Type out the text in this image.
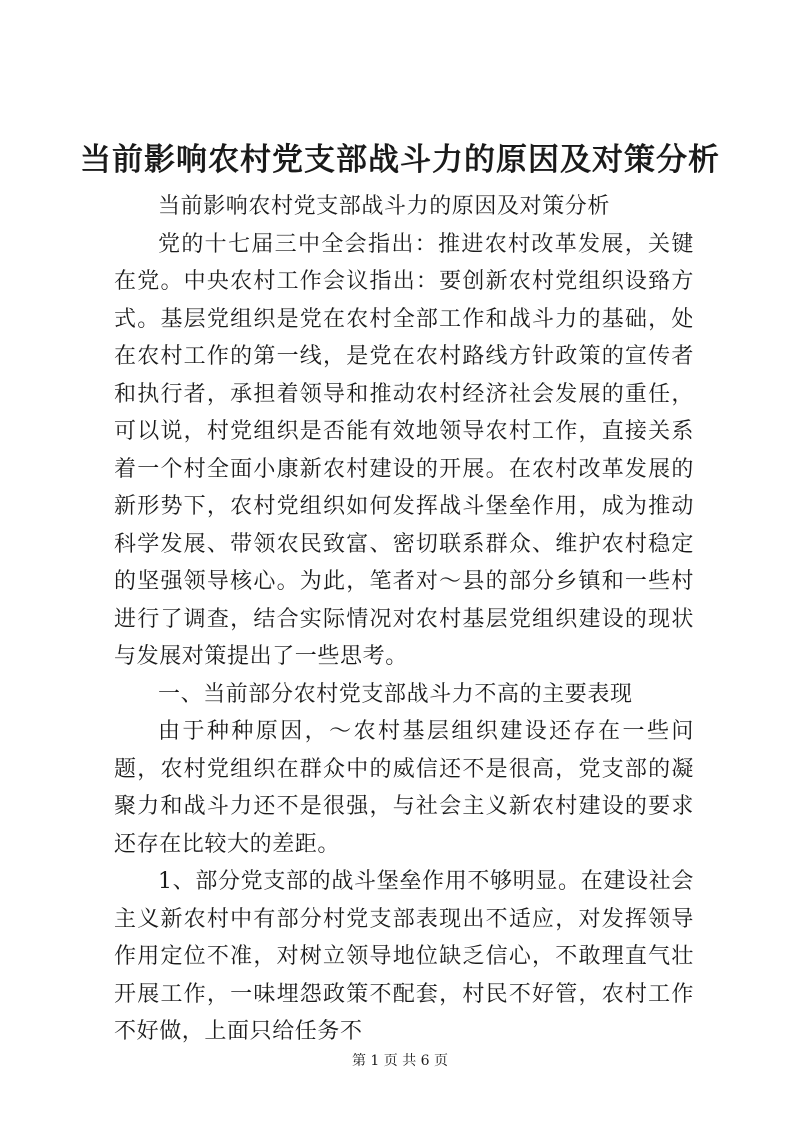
当前影响农村党支部战斗力的原因及对策分析

当前影响农村党支部战斗力的原因及对策分析

党的十七届三中全会指出：推进农村改革发展，关键在党。中央农村工作会议指出：要创新农村党组织设臵方式。基层党组织是党在农村全部工作和战斗力的基础，处在农村工作的第一线，是党在农村路线方针政策的宣传者和执行者，承担着领导和推动农村经济社会发展的重任，可以说，村党组织是否能有效地领导农村工作，直接关系着一个村全面小康新农村建设的开展。在农村改革发展的新形势下，农村党组织如何发挥战斗堡垒作用，成为推动科学发展、带领农民致富、密切联系群众、维护农村稳定的坚强领导核心。为此，笔者对～县的部分乡镇和一些村进行了调查，结合实际情况对农村基层党组织建设的现状与发展对策提出了一些思考。

一、当前部分农村党支部战斗力不高的主要表现

由于种种原因，～农村基层组织建设还存在一些问题，农村党组织在群众中的威信还不是很高，党支部的凝聚力和战斗力还不是很强，与社会主义新农村建设的要求还存在比较大的差距。

1、部分党支部的战斗堡垒作用不够明显。在建设社会主义新农村中有部分村党支部表现出不适应，对发挥领导作用定位不准，对树立领导地位缺乏信心，不敢理直气壮开展工作，一味埋怨政策不配套，村民不好管，农村工作不好做，上面只给任务不

第 1 页 共 6 页
